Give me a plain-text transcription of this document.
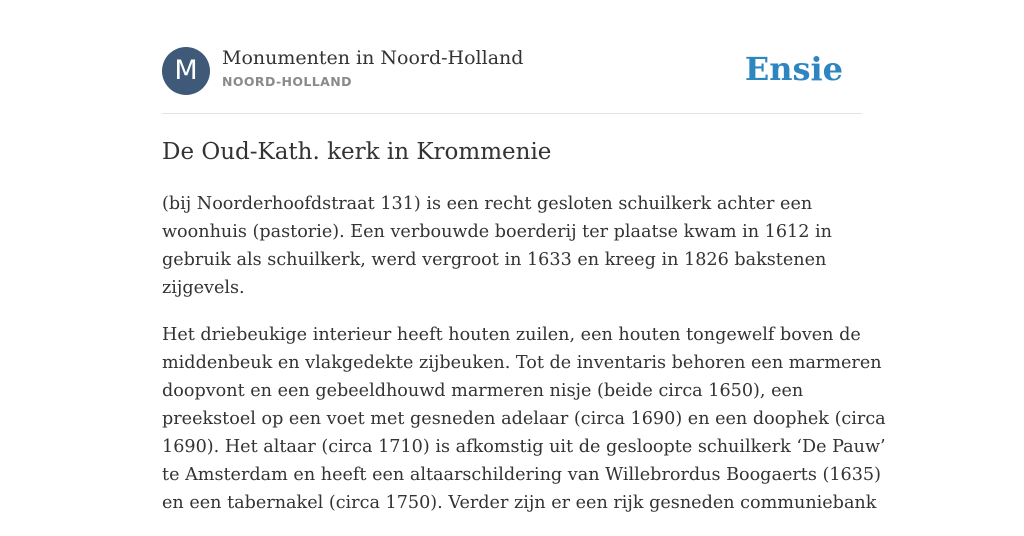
M	Monumenten in Noord-Holland
NOORD-HOLLAND	Ensie
De Oud-Kath. kerk in Krommenie

(bij Noorderhoofdstraat 131) is een recht gesloten schuilkerk achter een
woonhuis (pastorie). Een verbouwde boerderij ter plaatse kwam in 1612 in
gebruik als schuilkerk, werd vergroot in 1633 en kreeg in 1826 bakstenen
zijgevels.

Het driebeukige interieur heeft houten zuilen, een houten tongewelf boven de
middenbeuk en vlakgedekte zijbeuken. Tot de inventaris behoren een marmeren
doopvont en een gebeeldhouwd marmeren nisje (beide circa 1650), een
preekstoel op een voet met gesneden adelaar (circa 1690) en een doophek (circa
1690). Het altaar (circa 1710) is afkomstig uit de gesloopte schuilkerk ‘De Pauw’
te Amsterdam en heeft een altaarschildering van Willebrordus Boogaerts (1635)
en een tabernakel (circa 1750). Verder zijn er een rijk gesneden communiebank
